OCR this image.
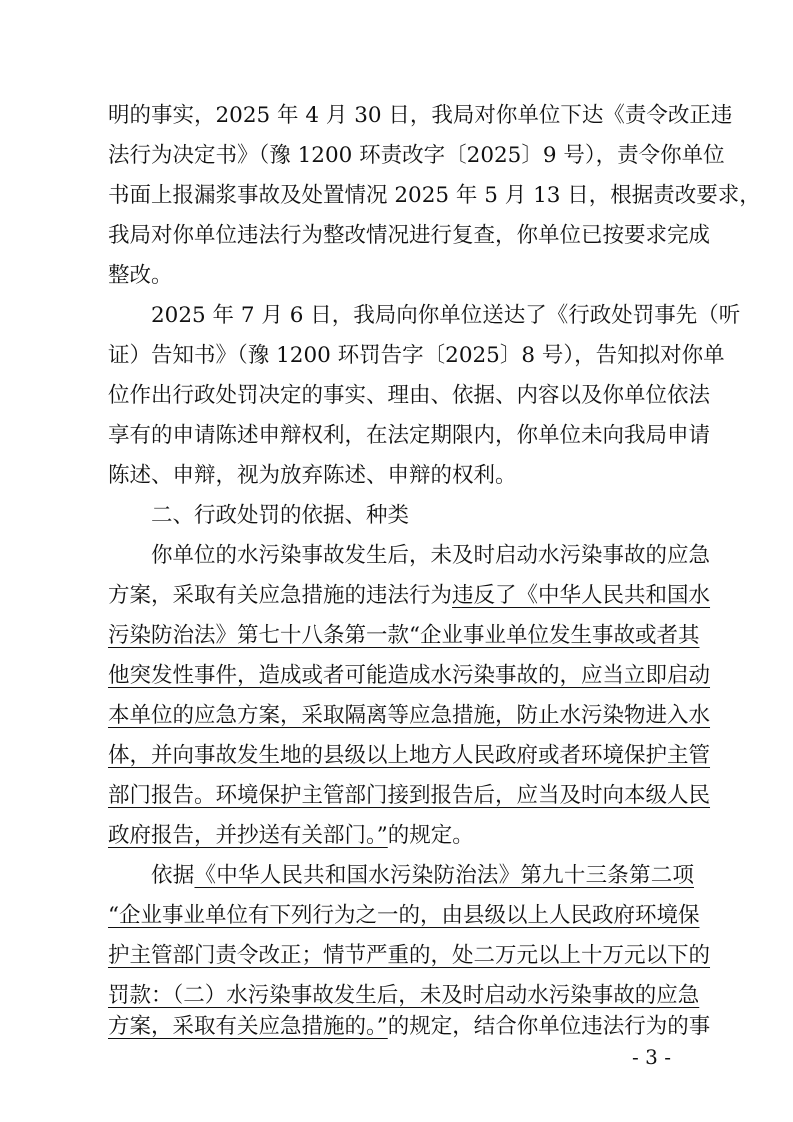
明的事实，2025 年 4 月 30 日，我局对你单位下达《责令改正违
法行为决定书》（豫 1200 环责改字〔2025〕9 号），责令你单位
书面上报漏浆事故及处置情况 2025 年 5 月 13 日，根据责改要求，
我局对你单位违法行为整改情况进行复查，你单位已按要求完成
整改。
2025 年 7 月 6 日，我局向你单位送达了《行政处罚事先（听
证）告知书》（豫 1200 环罚告字〔2025〕8 号），告知拟对你单
位作出行政处罚决定的事实、理由、依据、内容以及你单位依法
享有的申请陈述申辩权利，在法定期限内，你单位未向我局申请
陈述、申辩，视为放弃陈述、申辩的权利。
二、行政处罚的依据、种类
你单位的水污染事故发生后，未及时启动水污染事故的应急
方案，采取有关应急措施的违法行为违反了《中华人民共和国水
污染防治法》第七十八条第一款“企业事业单位发生事故或者其
他突发性事件，造成或者可能造成水污染事故的，应当立即启动
本单位的应急方案，采取隔离等应急措施，防止水污染物进入水
体，并向事故发生地的县级以上地方人民政府或者环境保护主管
部门报告。环境保护主管部门接到报告后，应当及时向本级人民
政府报告，并抄送有关部门。”的规定。
依据《中华人民共和国水污染防治法》第九十三条第二项
“企业事业单位有下列行为之一的，由县级以上人民政府环境保
护主管部门责令改正；情节严重的，处二万元以上十万元以下的
罚款：（二）水污染事故发生后，未及时启动水污染事故的应急
方案，采取有关应急措施的。”的规定，结合你单位违法行为的事
- 3 -
